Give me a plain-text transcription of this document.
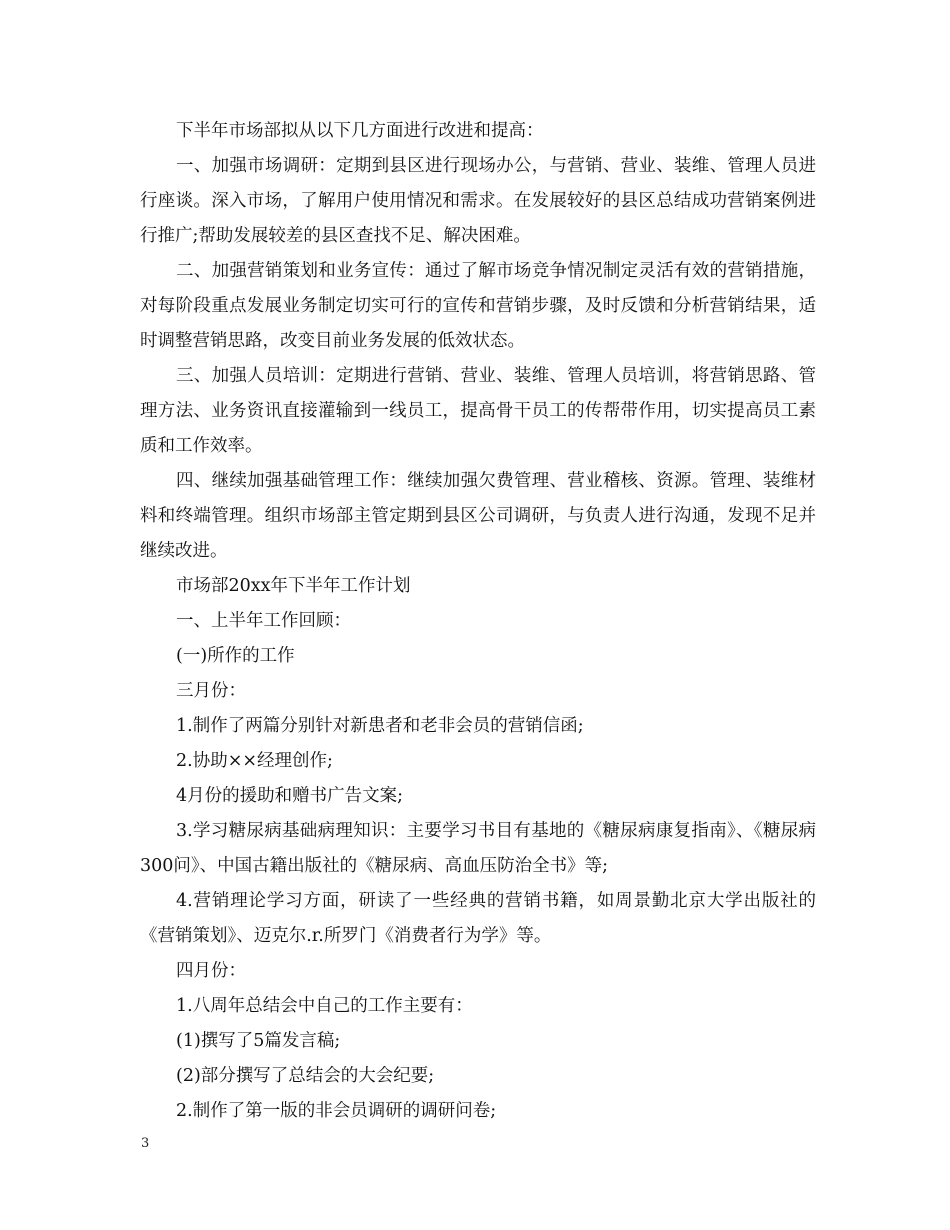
下半年市场部拟从以下几方面进行改进和提高：

一、加强市场调研：定期到县区进行现场办公，与营销、营业、装维、管理人员进行座谈。深入市场，了解用户使用情况和需求。在发展较好的县区总结成功营销案例进行推广;帮助发展较差的县区查找不足、解决困难。

二、加强营销策划和业务宣传：通过了解市场竞争情况制定灵活有效的营销措施，对每阶段重点发展业务制定切实可行的宣传和营销步骤，及时反馈和分析营销结果，适时调整营销思路，改变目前业务发展的低效状态。

三、加强人员培训：定期进行营销、营业、装维、管理人员培训，将营销思路、管理方法、业务资讯直接灌输到一线员工，提高骨干员工的传帮带作用，切实提高员工素质和工作效率。

四、继续加强基础管理工作：继续加强欠费管理、营业稽核、资源。管理、装维材料和终端管理。组织市场部主管定期到县区公司调研，与负责人进行沟通，发现不足并继续改进。

市场部20xx年下半年工作计划

一、上半年工作回顾：

(一)所作的工作

三月份：

1.制作了两篇分别针对新患者和老非会员的营销信函;

2.协助××经理创作;

4月份的援助和赠书广告文案;

3.学习糖尿病基础病理知识：主要学习书目有基地的《糖尿病康复指南》、《糖尿病300问》、中国古籍出版社的《糖尿病、高血压防治全书》等;

4.营销理论学习方面，研读了一些经典的营销书籍，如周景勤北京大学出版社的《营销策划》、迈克尔.r.所罗门《消费者行为学》等。

四月份：

1.八周年总结会中自己的工作主要有：

(1)撰写了5篇发言稿;

(2)部分撰写了总结会的大会纪要;

2.制作了第一版的非会员调研的调研问卷;

3
